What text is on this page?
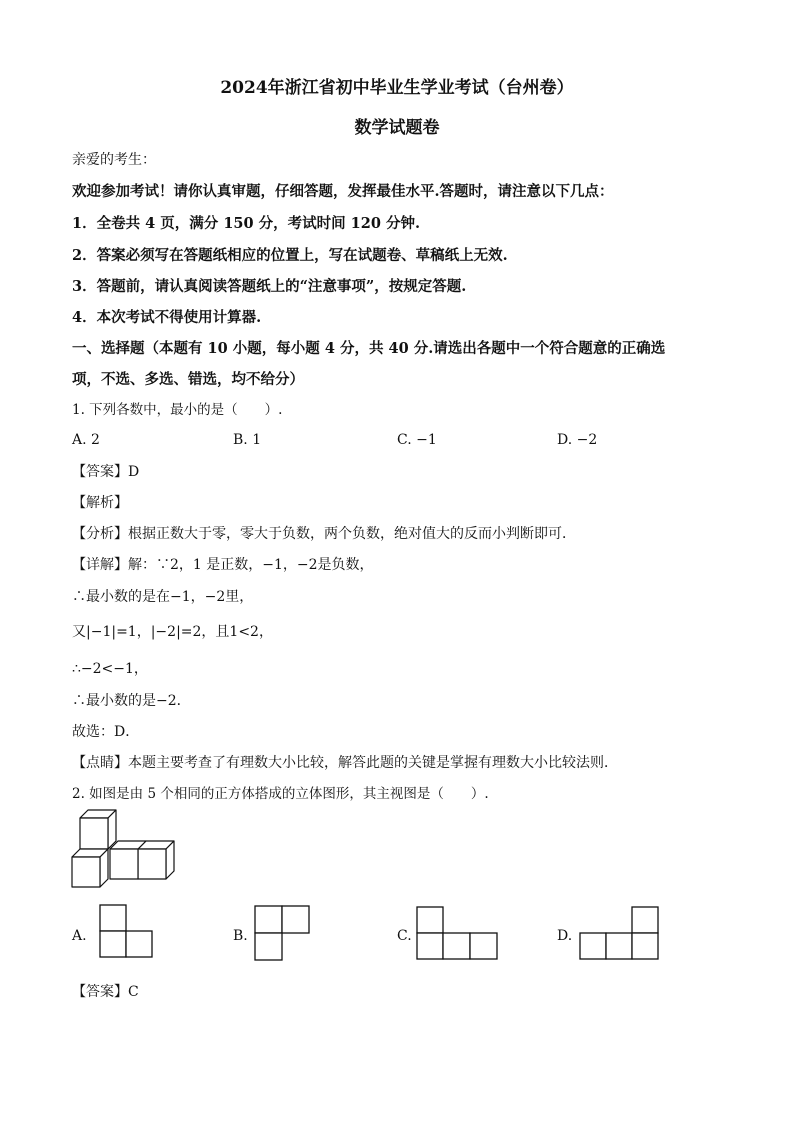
2024年浙江省初中毕业生学业考试（台州卷）
数学试题卷
亲爱的考生：
欢迎参加考试！请你认真审题，仔细答题，发挥最佳水平.答题时，请注意以下几点：
1．全卷共 4 页，满分 150 分，考试时间 120 分钟.
2．答案必须写在答题纸相应的位置上，写在试题卷、草稿纸上无效.
3．答题前，请认真阅读答题纸上的“注意事项”，按规定答题.
4．本次考试不得使用计算器.
一、选择题（本题有 10 小题，每小题 4 分，共 40 分.请选出各题中一个符合题意的正确选
项，不选、多选、错选，均不给分）
1. 下列各数中，最小的是（　　）.
A. 2	B. 1	C. −1	D. −2
【答案】D
【解析】
【分析】根据正数大于零，零大于负数，两个负数，绝对值大的反而小判断即可．
【详解】解：∵2，1 是正数，−1，−2是负数，
∴最小数的是在−1，−2里，
又|−1|=1，|−2|=2，且1<2，
∴−2<−1，
∴最小数的是−2．
故选：D．
【点睛】本题主要考查了有理数大小比较，解答此题的关键是掌握有理数大小比较法则．
2. 如图是由 5 个相同的正方体搭成的立体图形，其主视图是（　　）.
A.	B.	C.	D.
【答案】C
